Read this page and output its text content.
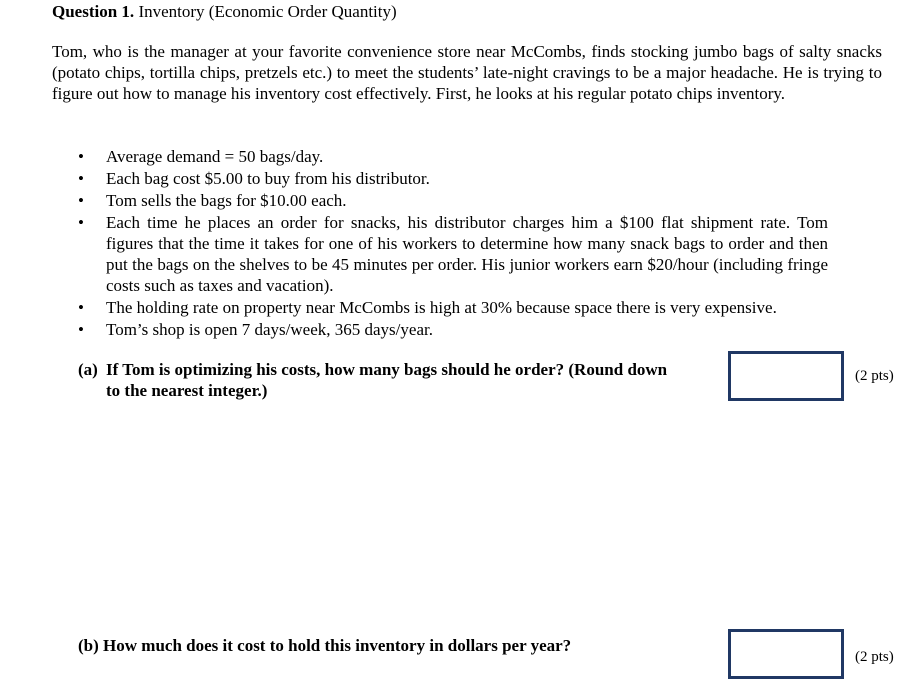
Question 1. Inventory (Economic Order Quantity)
Tom, who is the manager at your favorite convenience store near McCombs, finds stocking jumbo bags of salty snacks (potato chips, tortilla chips, pretzels etc.) to meet the students’ late-night cravings to be a major headache. He is trying to figure out how to manage his inventory cost effectively. First, he looks at his regular potato chips inventory.
• Average demand = 50 bags/day.
• Each bag cost $5.00 to buy from his distributor.
• Tom sells the bags for $10.00 each.
• Each time he places an order for snacks, his distributor charges him a $100 flat shipment rate. Tom figures that the time it takes for one of his workers to determine how many snack bags to order and then put the bags on the shelves to be 45 minutes per order. His junior workers earn $20/hour (including fringe costs such as taxes and vacation).
• The holding rate on property near McCombs is high at 30% because space there is very expensive.
• Tom’s shop is open 7 days/week, 365 days/year.
(a) If Tom is optimizing his costs, how many bags should he order? (Round down
to the nearest integer.)
(2 pts)
(b) How much does it cost to hold this inventory in dollars per year?
(2 pts)
